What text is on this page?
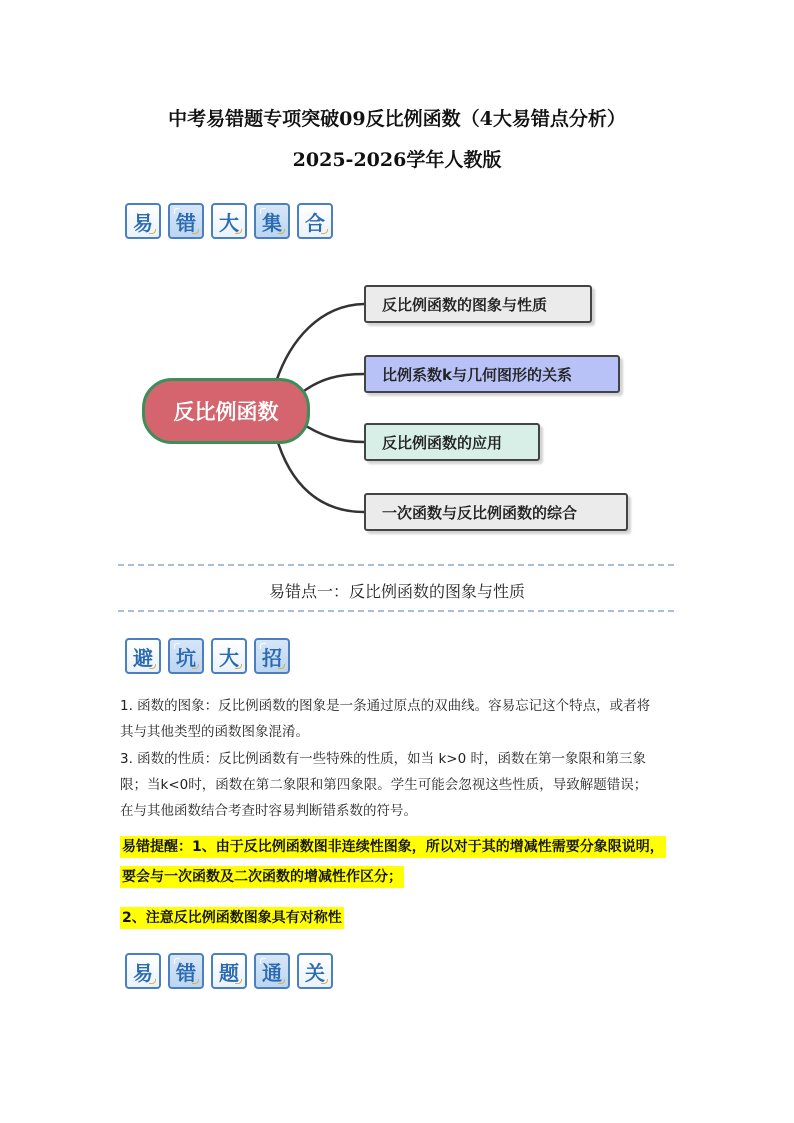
中考易错题专项突破09反比例函数（4大易错点分析）
2025-2026学年人教版
易	错	大	集	合
反比例函数
反比例函数的图象与性质
比例系数k与几何图形的关系
反比例函数的应用
一次函数与反比例函数的综合
易错点一：反比例函数的图象与性质
避	坑	大	招
1. 函数的图象：反比例函数的图象是一条通过原点的双曲线。容易忘记这个特点，或者将
其与其他类型的函数图象混淆。
3. 函数的性质：反比例函数有一些特殊的性质，如当 k>0 时，函数在第一象限和第三象
限；当k<0时，函数在第二象限和第四象限。学生可能会忽视这些性质，导致解题错误；
在与其他函数结合考查时容易判断错系数的符号。
易错提醒：1、由于反比例函数图非连续性图象，所以对于其的增减性需要分象限说明，
要会与一次函数及二次函数的增减性作区分；
2、注意反比例函数图象具有对称性
易	错	题	通	关
